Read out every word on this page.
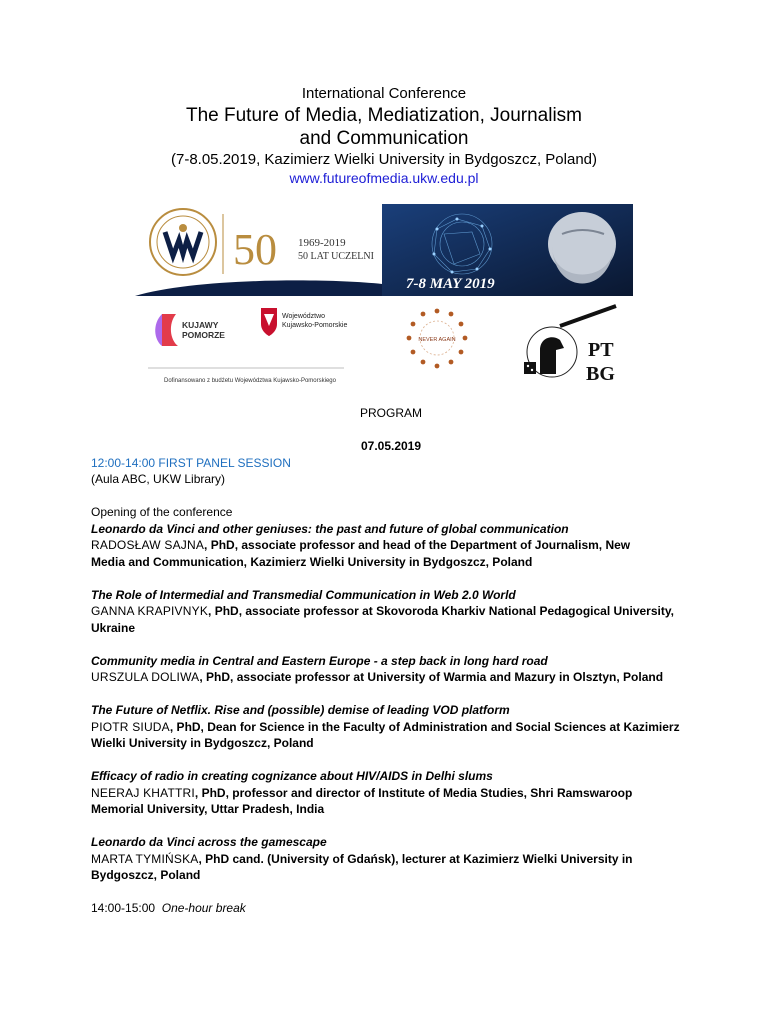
International Conference
The Future of Media, Mediatization, Journalism
and Communication
(7-8.05.2019, Kazimierz Wielki University in Bydgoszcz, Poland)
www.futureofmedia.ukw.edu.pl
50 1969-2019
50 LAT UCZELNI
7-8 MAY 2019
KUJAWY
POMORZE
Województwo
Kujawsko-Pomorskie
Dofinansowano z budżetu Województwa Kujawsko-Pomorskiego
NEVER AGAIN	PT
BG

PROGRAM

07.05.2019

12:00-14:00 FIRST PANEL SESSION

(Aula ABC, UKW Library)

Opening of the conference

Leonardo da Vinci and other geniuses: the past and future of global communication

RADOSŁAW SAJNA, PhD, associate professor and head of the Department of Journalism, New

Media and Communication, Kazimierz Wielki University in Bydgoszcz, Poland

The Role of Intermedial and Transmedial Communication in Web 2.0 World

GANNA KRAPIVNYK, PhD, associate professor at Skovoroda Kharkiv National Pedagogical University,

Ukraine

Community media in Central and Eastern Europe - a step back in long hard road

URSZULA DOLIWA, PhD, associate professor at University of Warmia and Mazury in Olsztyn, Poland

The Future of Netflix. Rise and (possible) demise of leading VOD platform

PIOTR SIUDA, PhD, Dean for Science in the Faculty of Administration and Social Sciences at Kazimierz

Wielki University in Bydgoszcz, Poland

Efficacy of radio in creating cognizance about HIV/AIDS in Delhi slums

NEERAJ KHATTRI, PhD, professor and director of Institute of Media Studies, Shri Ramswaroop

Memorial University, Uttar Pradesh, India

Leonardo da Vinci across the gamescape

MARTA TYMIŃSKA, PhD cand. (University of Gdańsk), lecturer at Kazimierz Wielki University in

Bydgoszcz, Poland

14:00-15:00 One-hour break
